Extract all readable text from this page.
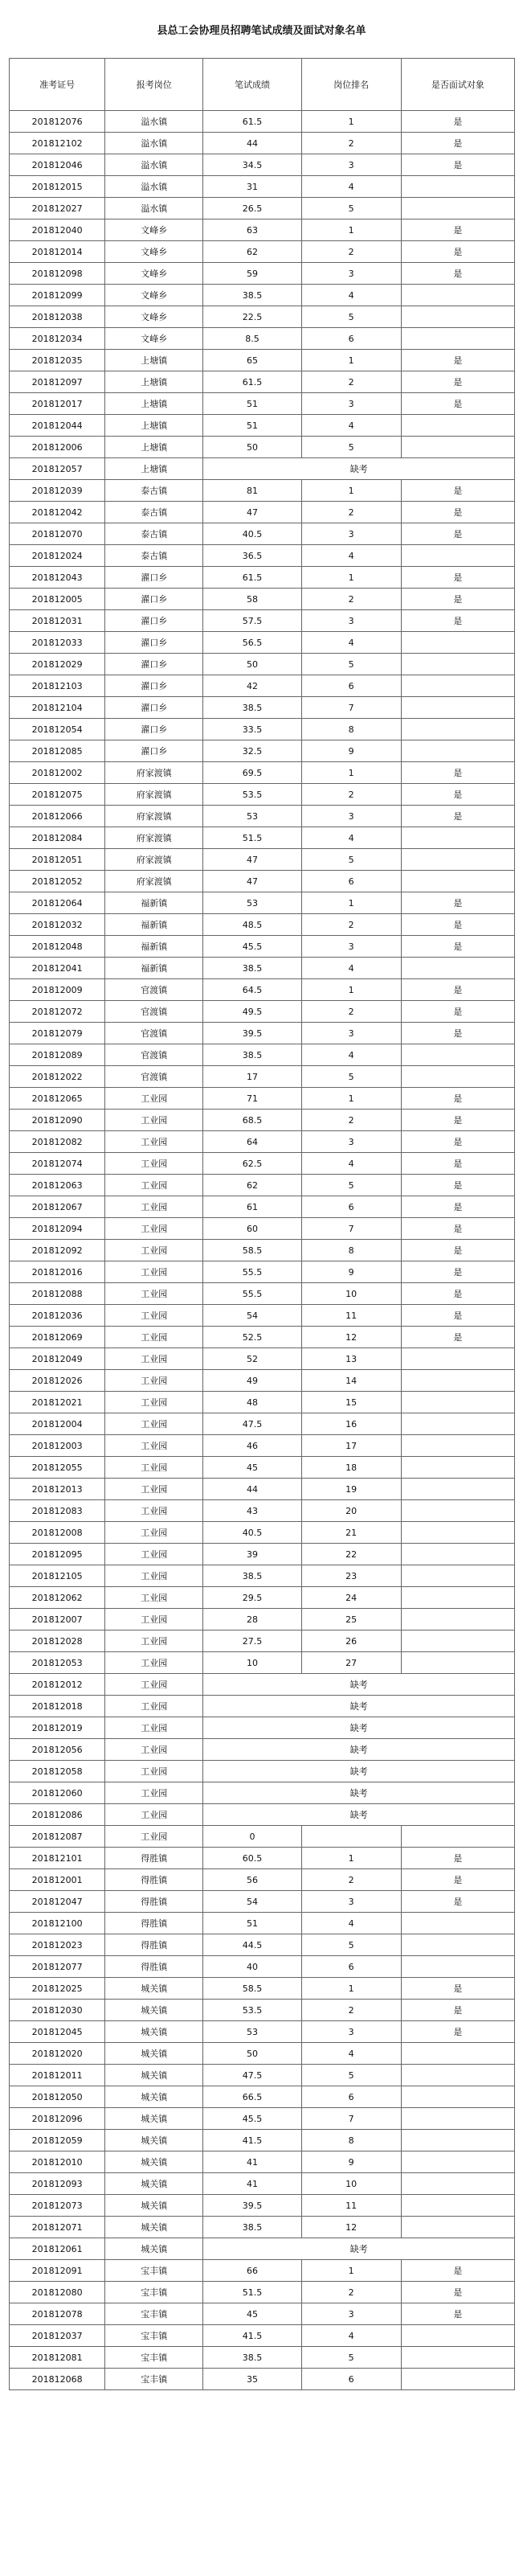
县总工会协理员招聘笔试成绩及面试对象名单
准考证号	报考岗位	笔试成绩	岗位排名	是否面试对象
201812076	溢水镇	61.5	1	是
201812102	溢水镇	44	2	是
201812046	溢水镇	34.5	3	是
201812015	溢水镇	31	4	
201812027	溢水镇	26.5	5	
201812040	文峰乡	63	1	是
201812014	文峰乡	62	2	是
201812098	文峰乡	59	3	是
201812099	文峰乡	38.5	4	
201812038	文峰乡	22.5	5	
201812034	文峰乡	8.5	6	
201812035	上塘镇	65	1	是
201812097	上塘镇	61.5	2	是
201812017	上塘镇	51	3	是
201812044	上塘镇	51	4	
201812006	上塘镇	50	5	
201812057	上塘镇	缺考		
201812039	泰古镇	81	1	是
201812042	泰古镇	47	2	是
201812070	泰古镇	40.5	3	是
201812024	泰古镇	36.5	4	
201812043	濯口乡	61.5	1	是
201812005	濯口乡	58	2	是
201812031	濯口乡	57.5	3	是
201812033	濯口乡	56.5	4	
201812029	濯口乡	50	5	
201812103	濯口乡	42	6	
201812104	濯口乡	38.5	7	
201812054	濯口乡	33.5	8	
201812085	濯口乡	32.5	9	
201812002	府家渡镇	69.5	1	是
201812075	府家渡镇	53.5	2	是
201812066	府家渡镇	53	3	是
201812084	府家渡镇	51.5	4	
201812051	府家渡镇	47	5	
201812052	府家渡镇	47	6	
201812064	福新镇	53	1	是
201812032	福新镇	48.5	2	是
201812048	福新镇	45.5	3	是
201812041	福新镇	38.5	4	
201812009	官渡镇	64.5	1	是
201812072	官渡镇	49.5	2	是
201812079	官渡镇	39.5	3	是
201812089	官渡镇	38.5	4	
201812022	官渡镇	17	5	
201812065	工业园	71	1	是
201812090	工业园	68.5	2	是
201812082	工业园	64	3	是
201812074	工业园	62.5	4	是
201812063	工业园	62	5	是
201812067	工业园	61	6	是
201812094	工业园	60	7	是
201812092	工业园	58.5	8	是
201812016	工业园	55.5	9	是
201812088	工业园	55.5	10	是
201812036	工业园	54	11	是
201812069	工业园	52.5	12	是
201812049	工业园	52	13	
201812026	工业园	49	14	
201812021	工业园	48	15	
201812004	工业园	47.5	16	
201812003	工业园	46	17	
201812055	工业园	45	18	
201812013	工业园	44	19	
201812083	工业园	43	20	
201812008	工业园	40.5	21	
201812095	工业园	39	22	
201812105	工业园	38.5	23	
201812062	工业园	29.5	24	
201812007	工业园	28	25	
201812028	工业园	27.5	26	
201812053	工业园	10	27	
201812012	工业园	缺考		
201812018	工业园	缺考		
201812019	工业园	缺考		
201812056	工业园	缺考		
201812058	工业园	缺考		
201812060	工业园	缺考		
201812086	工业园	缺考		
201812087	工业园	0		
201812101	得胜镇	60.5	1	是
201812001	得胜镇	56	2	是
201812047	得胜镇	54	3	是
201812100	得胜镇	51	4	
201812023	得胜镇	44.5	5	
201812077	得胜镇	40	6	
201812025	城关镇	58.5	1	是
201812030	城关镇	53.5	2	是
201812045	城关镇	53	3	是
201812020	城关镇	50	4	
201812011	城关镇	47.5	5	
201812050	城关镇	66.5	6	
201812096	城关镇	45.5	7	
201812059	城关镇	41.5	8	
201812010	城关镇	41	9	
201812093	城关镇	41	10	
201812073	城关镇	39.5	11	
201812071	城关镇	38.5	12	
201812061	城关镇	缺考		
201812091	宝丰镇	66	1	是
201812080	宝丰镇	51.5	2	是
201812078	宝丰镇	45	3	是
201812037	宝丰镇	41.5	4	
201812081	宝丰镇	38.5	5	
201812068	宝丰镇	35	6	
